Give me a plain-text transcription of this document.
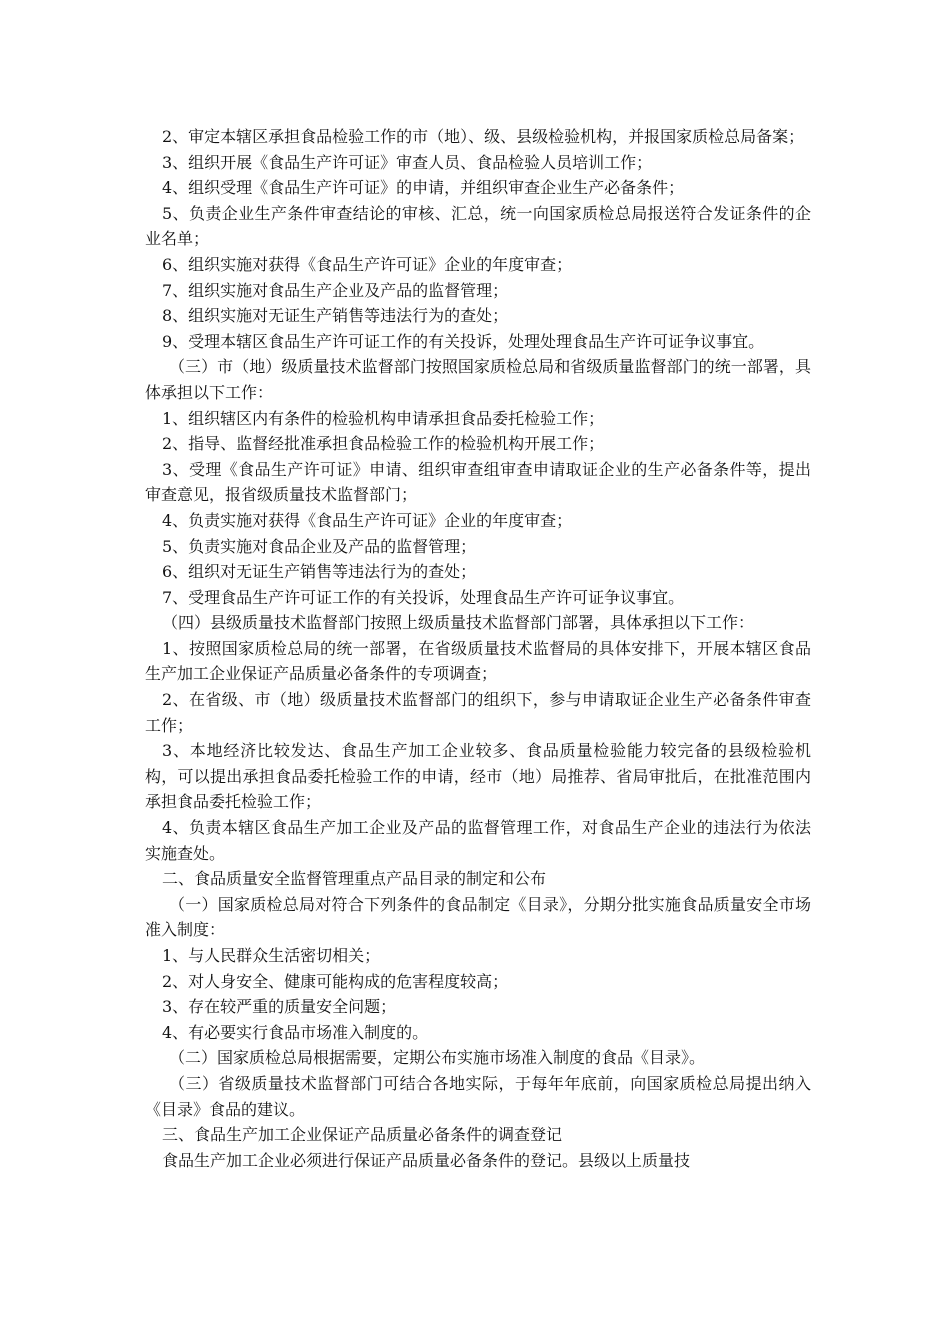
2、审定本辖区承担食品检验工作的市（地）、级、县级检验机构，并报国家质检总局备案；

3、组织开展《食品生产许可证》审查人员、食品检验人员培训工作；

4、组织受理《食品生产许可证》的申请，并组织审查企业生产必备条件；

5、负责企业生产条件审查结论的审核、汇总，统一向国家质检总局报送符合发证条件的企业名单；

6、组织实施对获得《食品生产许可证》企业的年度审查；

7、组织实施对食品生产企业及产品的监督管理；

8、组织实施对无证生产销售等违法行为的查处；

9、受理本辖区食品生产许可证工作的有关投诉，处理处理食品生产许可证争议事宜。

（三）市（地）级质量技术监督部门按照国家质检总局和省级质量监督部门的统一部署，具体承担以下工作：

1、组织辖区内有条件的检验机构申请承担食品委托检验工作；

2、指导、监督经批准承担食品检验工作的检验机构开展工作；

3、受理《食品生产许可证》申请、组织审查组审查申请取证企业的生产必备条件等，提出审查意见，报省级质量技术监督部门；

4、负责实施对获得《食品生产许可证》企业的年度审查；

5、负责实施对食品企业及产品的监督管理；

6、组织对无证生产销售等违法行为的查处；

7、受理食品生产许可证工作的有关投诉，处理食品生产许可证争议事宜。

（四）县级质量技术监督部门按照上级质量技术监督部门部署，具体承担以下工作：

1、按照国家质检总局的统一部署，在省级质量技术监督局的具体安排下，开展本辖区食品生产加工企业保证产品质量必备条件的专项调查；

2、在省级、市（地）级质量技术监督部门的组织下，参与申请取证企业生产必备条件审查工作；

3、本地经济比较发达、食品生产加工企业较多、食品质量检验能力较完备的县级检验机构，可以提出承担食品委托检验工作的申请，经市（地）局推荐、省局审批后，在批准范围内承担食品委托检验工作；

4、负责本辖区食品生产加工企业及产品的监督管理工作，对食品生产企业的违法行为依法实施查处。

二、食品质量安全监督管理重点产品目录的制定和公布

（一）国家质检总局对符合下列条件的食品制定《目录》，分期分批实施食品质量安全市场准入制度：

1、与人民群众生活密切相关；

2、对人身安全、健康可能构成的危害程度较高；

3、存在较严重的质量安全问题；

4、有必要实行食品市场准入制度的。

（二）国家质检总局根据需要，定期公布实施市场准入制度的食品《目录》。

（三）省级质量技术监督部门可结合各地实际，于每年年底前，向国家质检总局提出纳入《目录》食品的建议。

三、食品生产加工企业保证产品质量必备条件的调查登记

食品生产加工企业必须进行保证产品质量必备条件的登记。县级以上质量技
